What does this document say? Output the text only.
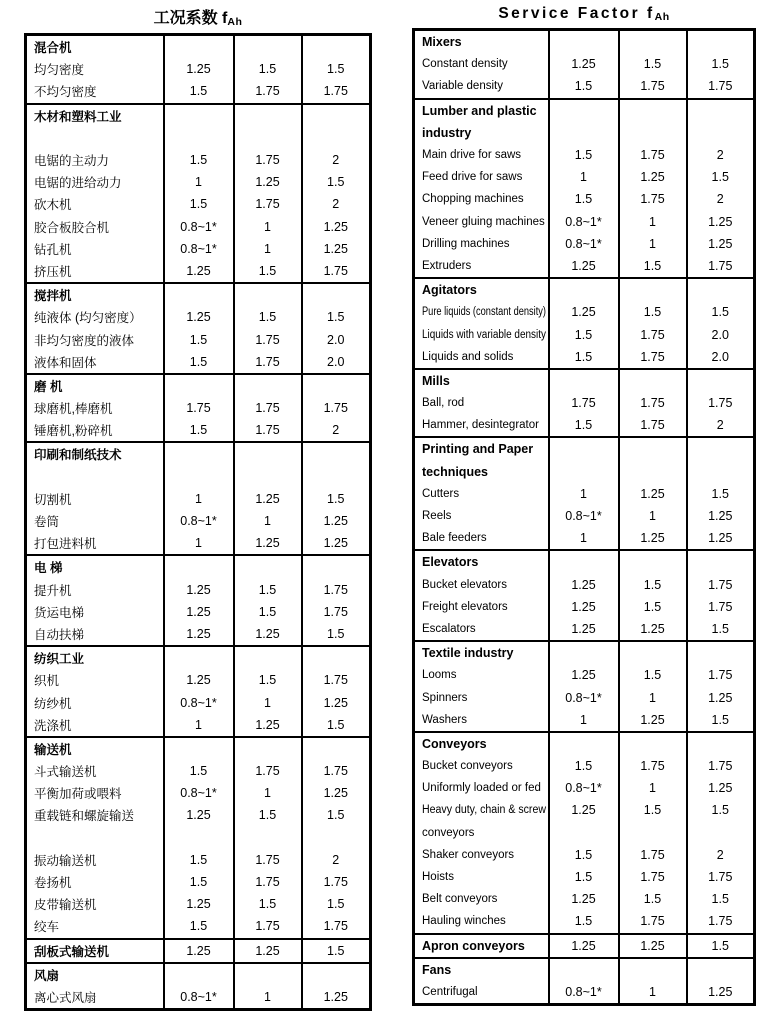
工况系数 fAh
混合机			
均匀密度	1.25	1.5	1.5
不均匀密度	1.5	1.75	1.75
木材和塑料工业			

电锯的主动力	1.5	1.75	2
电锯的进给动力	1	1.25	1.5
砍木机	1.5	1.75	2
胶合板胶合机	0.8~1*	1	1.25
钻孔机	0.8~1*	1	1.25
挤压机	1.25	1.5	1.75
搅拌机			
纯液体 (均匀密度）	1.25	1.5	1.5
非均匀密度的液体	1.5	1.75	2.0
液体和固体	1.5	1.75	2.0
磨 机			
球磨机,棒磨机	1.75	1.75	1.75
锤磨机,粉碎机	1.5	1.75	2
印刷和制纸技术			

切割机	1	1.25	1.5
卷筒	0.8~1*	1	1.25
打包进料机	1	1.25	1.25
电 梯			
提升机	1.25	1.5	1.75
货运电梯	1.25	1.5	1.75
自动扶梯	1.25	1.25	1.5
纺织工业			
织机	1.25	1.5	1.75
纺纱机	0.8~1*	1	1.25
洗涤机	1	1.25	1.5
输送机			
斗式输送机	1.5	1.75	1.75
平衡加荷或喂料	0.8~1*	1	1.25
重载链和螺旋输送	1.25	1.5	1.5

振动输送机	1.5	1.75	2
卷扬机	1.5	1.75	1.75
皮带输送机	1.25	1.5	1.5
绞车	1.5	1.75	1.75
刮板式输送机	1.25	1.25	1.5
风扇			
离心式风扇	0.8~1*	1	1.25
Service Factor fAh
Mixers			
Constant density	1.25	1.5	1.5
Variable density	1.5	1.75	1.75
Lumber and plastic			
industry			
Main drive for saws	1.5	1.75	2
Feed drive for saws	1	1.25	1.5
Chopping machines	1.5	1.75	2
Veneer gluing machines	0.8~1*	1	1.25
Drilling machines	0.8~1*	1	1.25
Extruders	1.25	1.5	1.75
Agitators			
Pure liquids (constant density)	1.25	1.5	1.5
Liquids with variable density	1.5	1.75	2.0
Liquids and solids	1.5	1.75	2.0
Mills			
Ball, rod	1.75	1.75	1.75
Hammer, desintegrator	1.5	1.75	2
Printing and Paper			
techniques			
Cutters	1	1.25	1.5
Reels	0.8~1*	1	1.25
Bale feeders	1	1.25	1.25
Elevators			
Bucket elevators	1.25	1.5	1.75
Freight elevators	1.25	1.5	1.75
Escalators	1.25	1.25	1.5
Textile industry			
Looms	1.25	1.5	1.75
Spinners	0.8~1*	1	1.25
Washers	1	1.25	1.5
Conveyors			
Bucket conveyors	1.5	1.75	1.75
Uniformly loaded or fed	0.8~1*	1	1.25
Heavy duty, chain & screw	1.25	1.5	1.5
conveyors			
Shaker conveyors	1.5	1.75	2
Hoists	1.5	1.75	1.75
Belt conveyors	1.25	1.5	1.5
Hauling winches	1.5	1.75	1.75
Apron conveyors	1.25	1.25	1.5
Fans			
Centrifugal	0.8~1*	1	1.25
